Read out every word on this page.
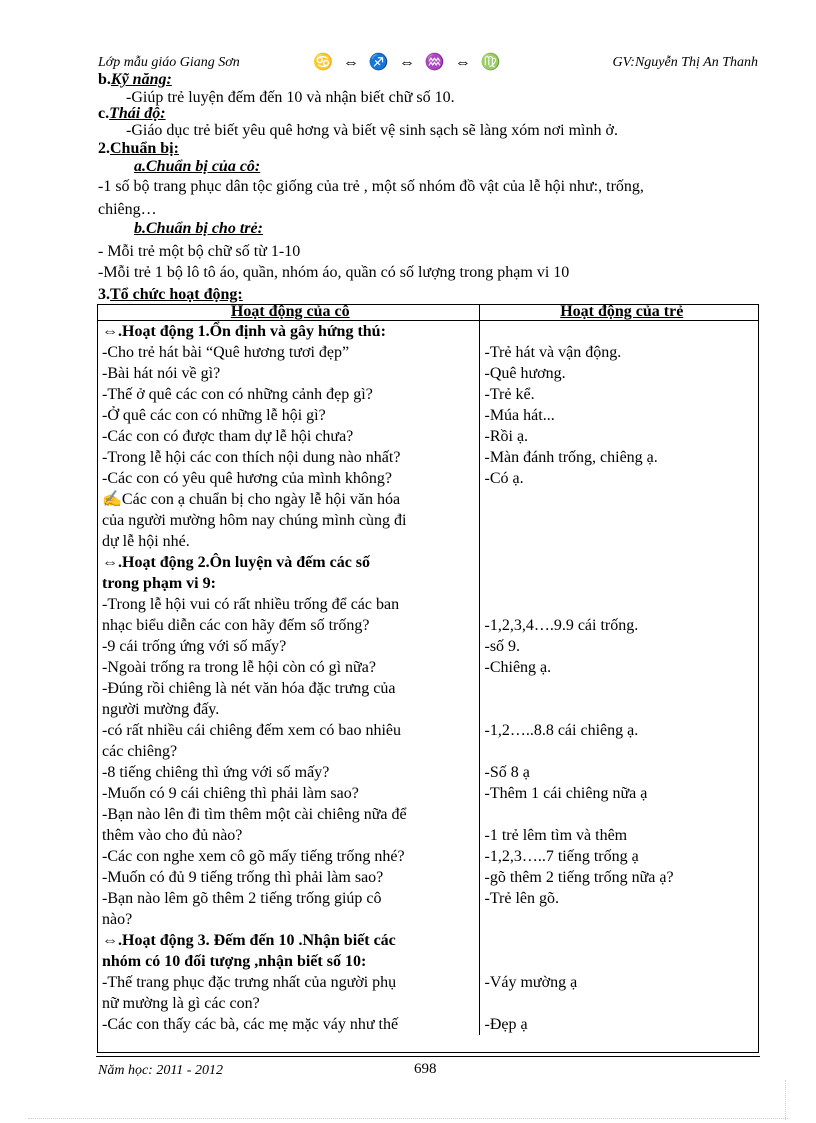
Lớp mẫu giáo Giang Sơn	♋ ⇔ ♐ ⇔ ♒ ⇔ ♍	GV:Nguyễn Thị An Thanh
b.Kỹ năng:
-Giúp trẻ luyện đếm đến 10 và nhận biết chữ số 10.
c.Thái độ:
-Giáo dục trẻ biết yêu quê hơng và biết vệ sinh sạch sẽ làng xóm nơi mình ở.
2.Chuẩn bị:
a.Chuẩn bị của cô:
-1 số bộ trang phục dân tộc giống của trẻ , một số nhóm đồ vật của lễ hội như:, trống,
chiêng…
b.Chuẩn bị cho trẻ:
- Mỗi trẻ một bộ chữ số từ 1-10
-Mỗi trẻ 1 bộ lô tô áo, quần, nhóm áo, quần có số lượng trong phạm vi 10
3.Tổ chức hoạt động:
Hoạt động của cô	Hoạt động của trẻ
⇔.Hoạt động 1.Ổn định và gây hứng thú:	
-Cho trẻ hát bài “Quê hương tươi đẹp”	-Trẻ hát và vận động.
-Bài hát nói về gì?	-Quê hương.
-Thế ở quê các con có những cảnh đẹp gì?	-Trẻ kể.
-Ở quê các con có những lễ hội gì?	-Múa hát...
-Các con có được tham dự lễ hội chưa?	-Rồi ạ.
-Trong lễ hội các con thích nội dung nào nhất?	-Màn đánh trống, chiêng ạ.
-Các con có yêu quê hương của mình không?	-Có ạ.
✍Các con ạ chuẩn bị cho ngày lễ hội văn hóa	
của người mường hôm nay chúng mình cùng đi	
dự lễ hội nhé.	
⇔.Hoạt động 2.Ôn luyện và đếm các số	
trong phạm vi 9:	
-Trong lễ hội vui có rất nhiều trống để các ban	
nhạc biểu diễn các con hãy đếm số trống?	-1,2,3,4….9.9 cái trống.
-9 cái trống ứng với số mấy?	-số 9.
-Ngoài trống ra trong lễ hội còn có gì nữa?	-Chiêng ạ.
-Đúng rồi chiêng là nét văn hóa đặc trưng của	
người mường đấy.	
-có rất nhiều cái chiêng đếm xem có bao nhiêu	-1,2…..8.8 cái chiêng ạ.
các chiêng?	
-8 tiếng chiêng thì ứng với số mấy?	-Số 8 ạ
-Muốn có 9 cái chiêng thì phải làm sao?	-Thêm 1 cái chiêng nữa ạ
-Bạn nào lên đi tìm thêm một cài chiêng nữa để	
thêm vào cho đủ nào?	-1 trẻ lêm tìm và thêm
-Các con nghe xem cô gõ mấy tiếng trống nhé?	-1,2,3…..7 tiếng trống ạ
-Muốn có đủ 9 tiếng trống thì phải làm sao?	-gõ thêm 2 tiếng trống nữa ạ?
-Bạn nào lêm gõ thêm 2 tiếng trống giúp cô	-Trẻ lên gõ.
nào?	
⇔.Hoạt động 3. Đếm đến 10 .Nhận biết các	
nhóm có 10 đối tượng ,nhận biết số 10:	
-Thế trang phục đặc trưng nhất của người phụ	-Váy mường ạ
nữ mường là gì các con?	
-Các con thấy các bà, các mẹ mặc váy như thế	-Đẹp ạ
Năm học: 2011 - 2012	698
